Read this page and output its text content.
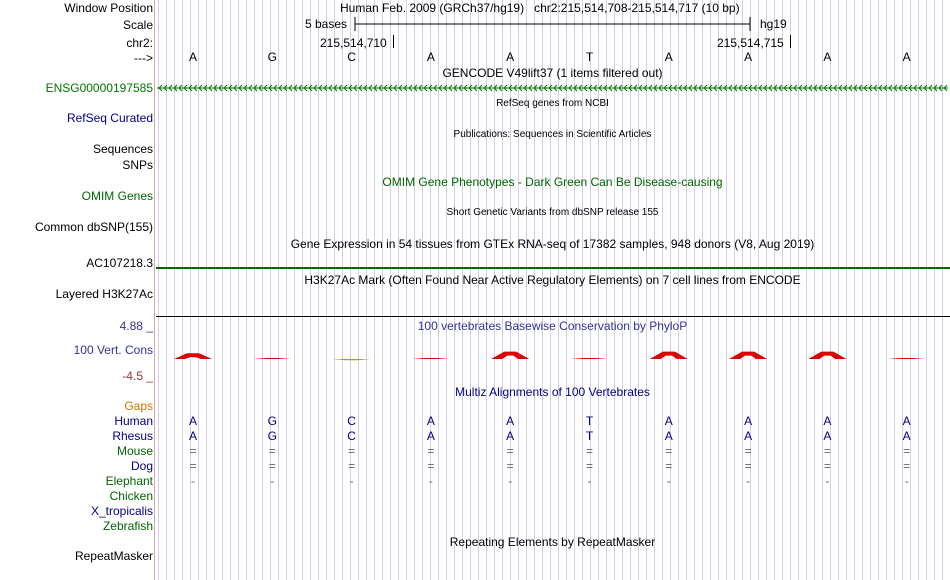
Window Position	Human Feb. 2009 (GRCh37/hg19)   chr2:215,514,708-215,514,717 (10 bp)
Scale	5 bases	hg19
chr2:	215,514,710	215,514,715
--->	A	G	C	A	A	T	A	A	A	A
GENCODE V49lift37 (1 items filtered out)
ENSG00000197585
RefSeq genes from NCBI
RefSeq Curated
Publications: Sequences in Scientific Articles
Sequences
SNPs
OMIM Gene Phenotypes - Dark Green Can Be Disease-causing
OMIM Genes
Short Genetic Variants from dbSNP release 155
Common dbSNP(155)
Gene Expression in 54 tissues from GTEx RNA-seq of 17382 samples, 948 donors (V8, Aug 2019)
AC107218.3
H3K27Ac Mark (Often Found Near Active Regulatory Elements) on 7 cell lines from ENCODE
Layered H3K27Ac
100 vertebrates Basewise Conservation by PhyloP
4.88 _
100 Vert. Cons
-4.5 _
Multiz Alignments of 100 Vertebrates
Gaps
Human	A	G	C	A	A	T	A	A	A	A
Rhesus	A	G	C	A	A	T	A	A	A	A
Mouse	=	=	=	=	=	=	=	=	=	=
Dog	=	=	=	=	=	=	=	=	=	=
Elephant	-	-	-	-	-	-	-	-	-	-
Chicken
X_tropicalis
Zebrafish
Repeating Elements by RepeatMasker
RepeatMasker
